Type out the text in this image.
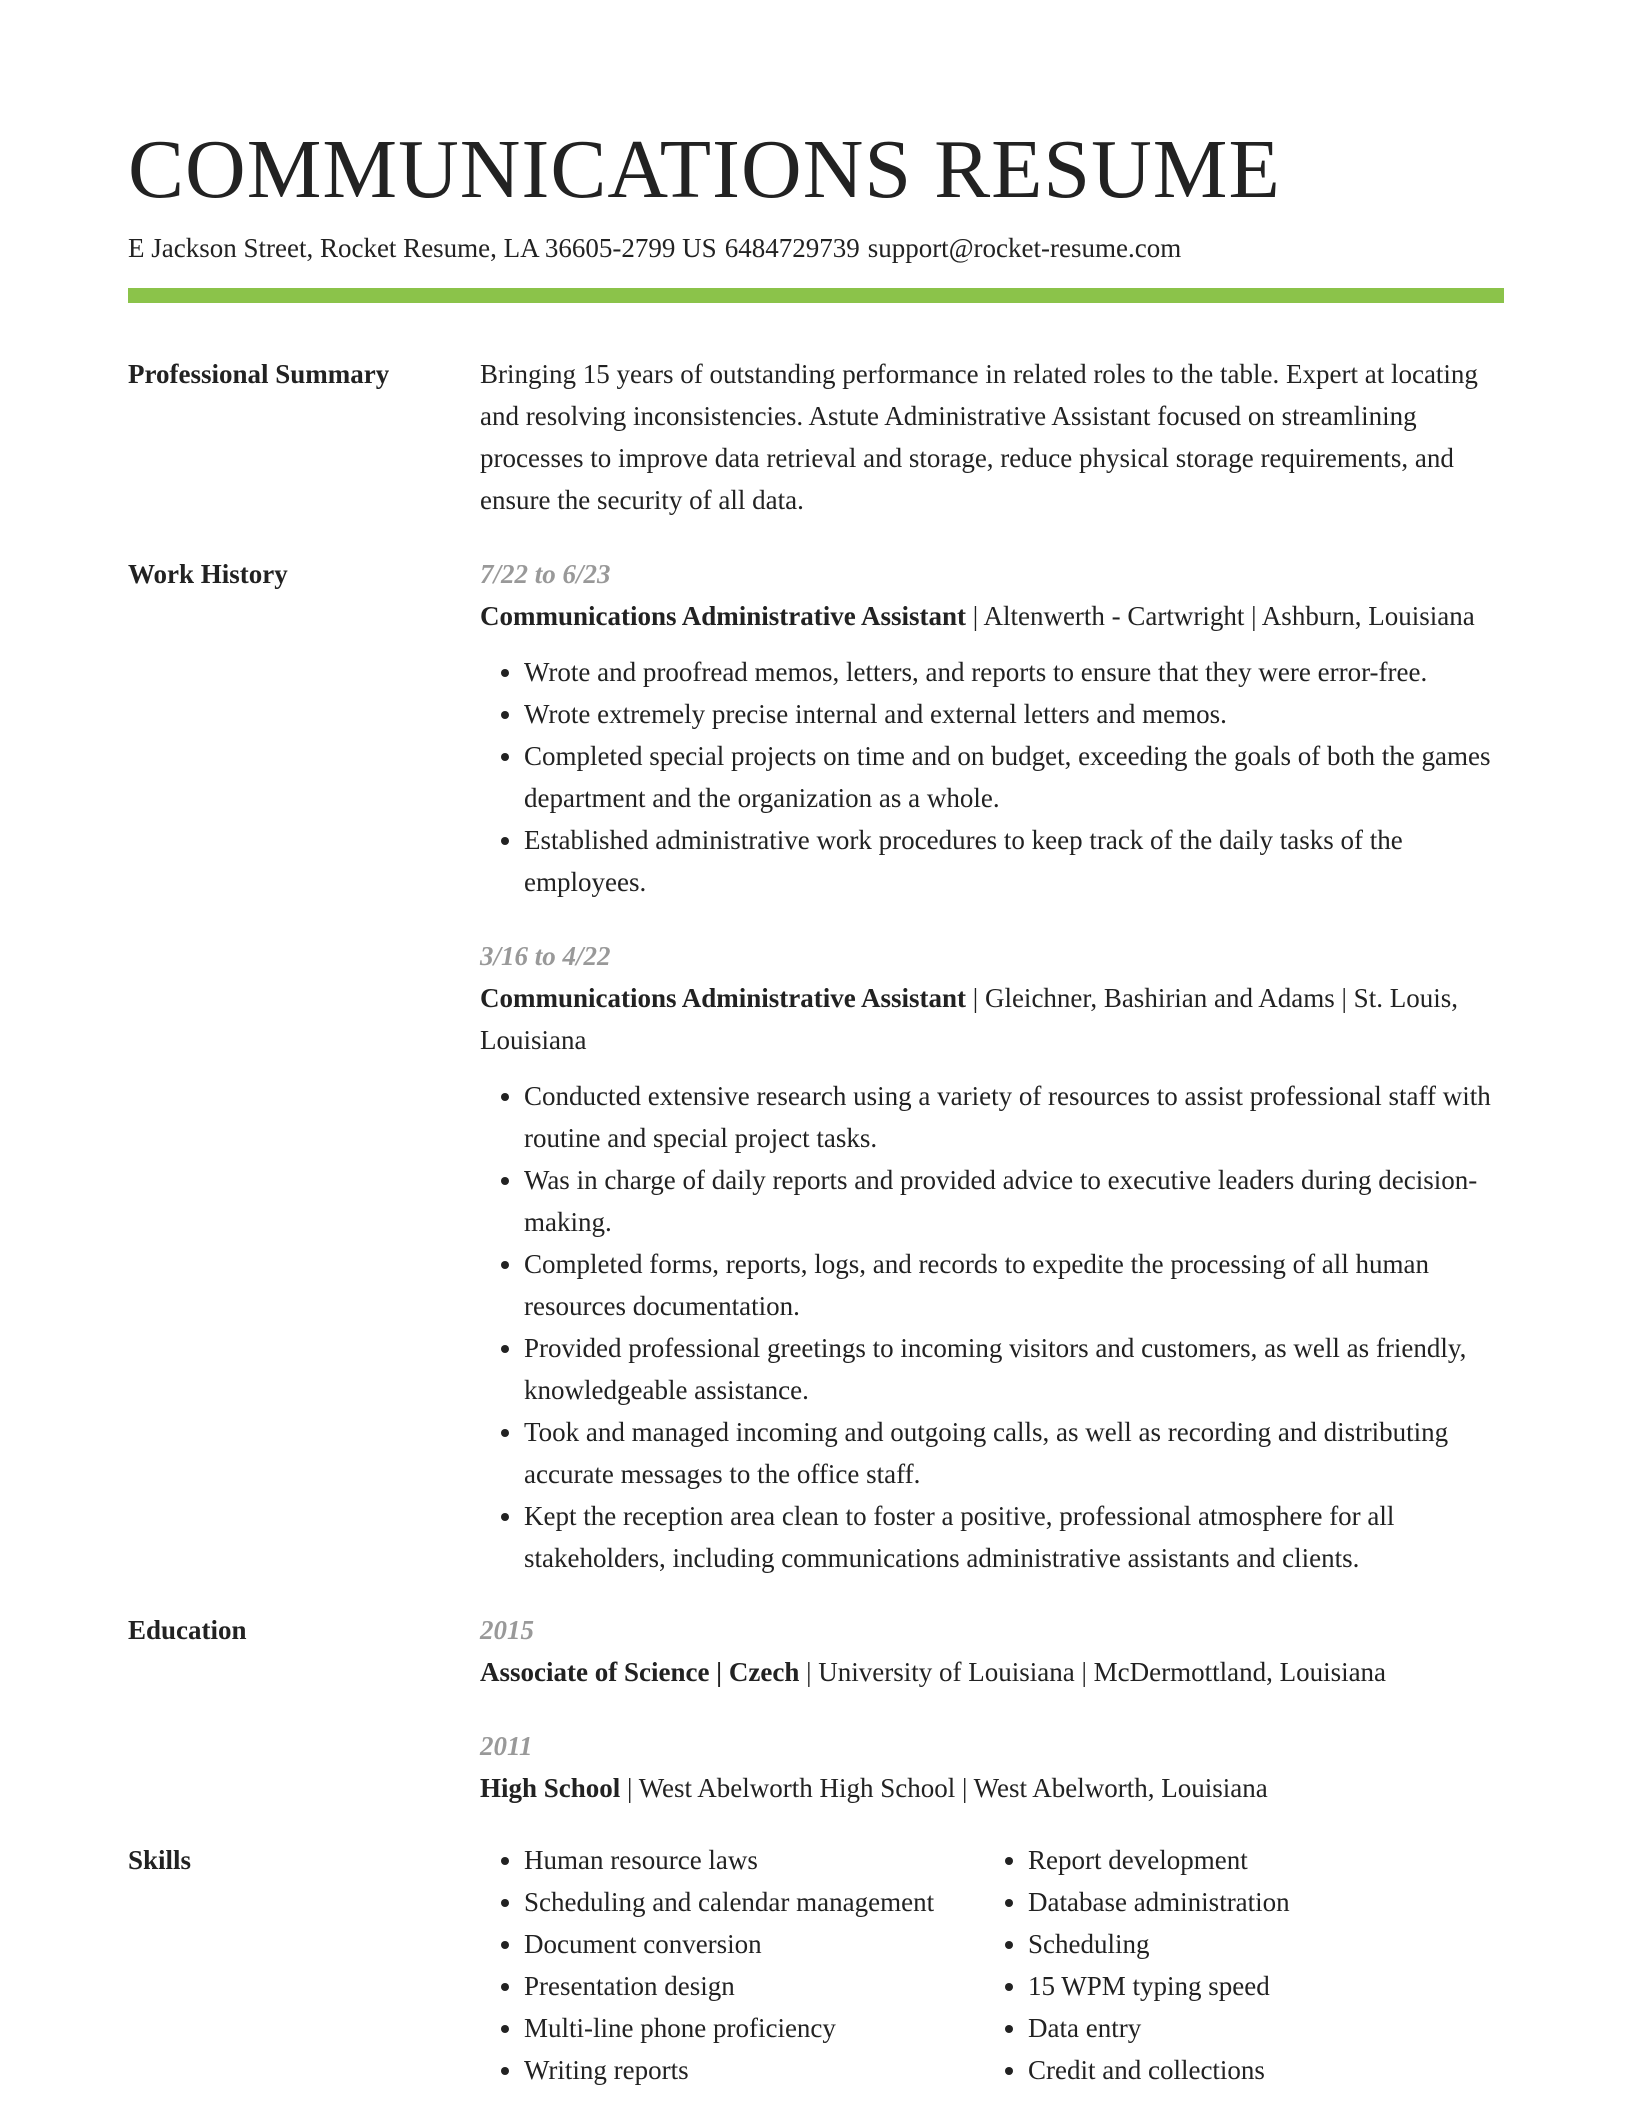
COMMUNICATIONS RESUME
E Jackson Street, Rocket Resume, LA 36605-2799 US 6484729739 support@rocket-resume.com
Professional Summary	Bringing 15 years of outstanding performance in related roles to the table. Expert at locating and resolving inconsistencies. Astute Administrative Assistant focused on streamlining processes to improve data retrieval and storage, reduce physical storage requirements, and ensure the security of all data.

Work History	7/22 to 6/23

Communications Administrative Assistant | Altenwerth - Cartwright | Ashburn, Louisiana

• Wrote and proofread memos, letters, and reports to ensure that they were error-free.
• Wrote extremely precise internal and external letters and memos.
• Completed special projects on time and on budget, exceeding the goals of both the games department and the organization as a whole.
• Established administrative work procedures to keep track of the daily tasks of the employees.

3/16 to 4/22

Communications Administrative Assistant | Gleichner, Bashirian and Adams | St. Louis, Louisiana

• Conducted extensive research using a variety of resources to assist professional staff with routine and special project tasks.
• Was in charge of daily reports and provided advice to executive leaders during decision-making.
• Completed forms, reports, logs, and records to expedite the processing of all human resources documentation.
• Provided professional greetings to incoming visitors and customers, as well as friendly, knowledgeable assistance.
• Took and managed incoming and outgoing calls, as well as recording and distributing accurate messages to the office staff.
• Kept the reception area clean to foster a positive, professional atmosphere for all stakeholders, including communications administrative assistants and clients.
Education	2015

Associate of Science | Czech | University of Louisiana | McDermottland, Louisiana

2011

High School | West Abelworth High School | West Abelworth, Louisiana

Skills
•	Human resource laws
• Scheduling and calendar management
• Document conversion
• Presentation design
• Multi-line phone proficiency
• Writing reports
• Report development
• Database administration
• Scheduling
• 15 WPM typing speed
• Data entry
• Credit and collections
